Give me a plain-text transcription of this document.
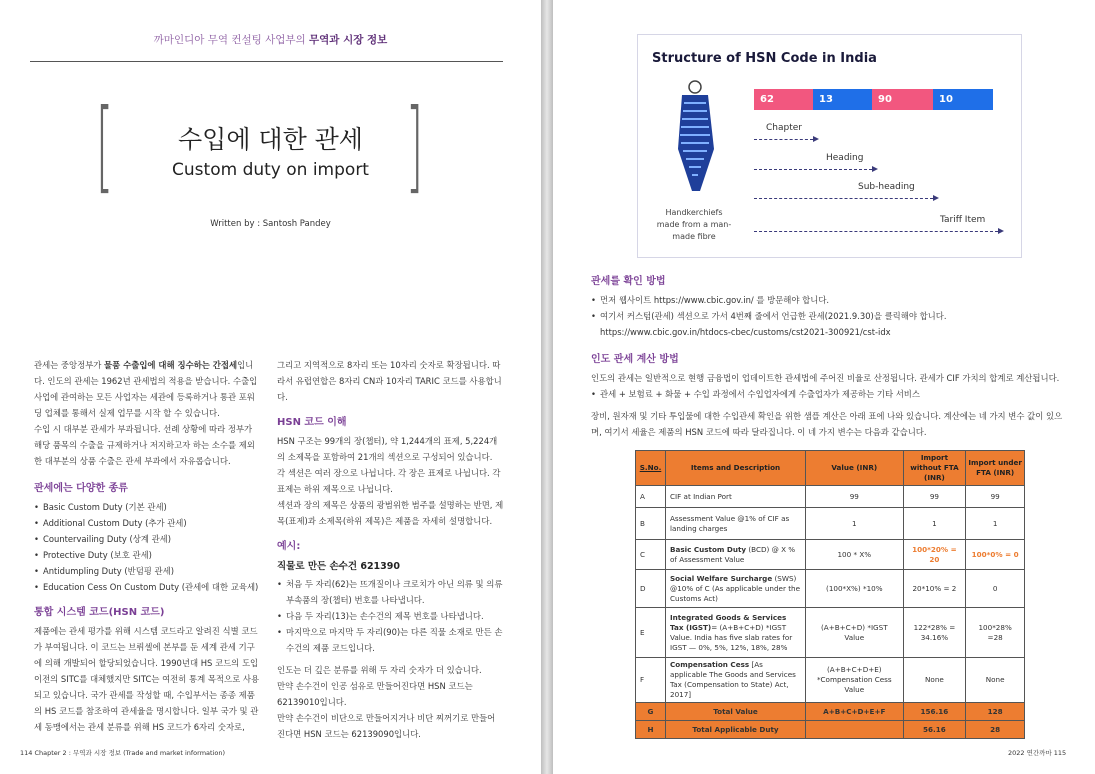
까마인디아 무역 컨설팅 사업부의 무역과 시장 정보
[	]
수입에 대한 관세
Custom duty on import
Written by : Santosh Pandey

관세는 중앙정부가 물품 수출입에 대해 징수하는 간접세입니다. 인도의 관세는 1962년 관세법의 적용을 받습니다. 수출입 사업에 관여하는 모든 사업자는 세관에 등록하거나 통관 포워딩 업체를 통해서 실제 업무를 시작 할 수 있습니다.

수입 시 대부분 관세가 부과됩니다. 선례 상황에 따라 정부가 해당 품목의 수출을 규제하거나 저지하고자 하는 소수를 제외한 대부분의 상품 수출은 관세 부과에서 자유롭습니다.

관세에는 다양한 종류
• Basic Custom Duty (기본 관세)
• Additional Custom Duty (추가 관세)
• Countervailing Duty (상계 관세)
• Protective Duty (보호 관세)
• Antidumpling Duty (반덤핑 관세)
• Education Cess On Custom Duty (관세에 대한 교육세)
통합 시스템 코드(HSN 코드)

제품에는 관세 평가를 위해 시스템 코드라고 알려진 식별 코드가 부여됩니다. 이 코드는 브뤼셀에 본부를 둔 세계 관세 기구에 의해 개발되어 할당되었습니다. 1990년대 HS 코드의 도입 이전의 SITC를 대체했지만 SITC는 여전히 통계 목적으로 사용되고 있습니다. 국가 관세를 작성할 때, 수입부서는 종종 제품의 HS 코드를 참조하여 관세율을 명시합니다. 일부 국가 및 관세 동맹에서는 관세 분류를 위해 HS 코드가 6자리 숫자로,

그리고 지역적으로 8자리 또는 10자리 숫자로 확장됩니다. 따라서 유럽연합은 8자리 CN과 10자리 TARIC 코드를 사용합니다.

HSN 코드 이해

HSN 구조는 99개의 장(챕터), 약 1,244개의 표제, 5,224개의 소제목을 포함하여 21개의 섹션으로 구성되어 있습니다.

각 섹션은 여러 장으로 나뉩니다. 각 장은 표제로 나뉩니다. 각 표제는 하위 제목으로 나뉩니다.

섹션과 장의 제목은 상품의 광범위한 범주를 설명하는 반면, 제목(표제)과 소제목(하위 제목)은 제품을 자세히 설명합니다.

예시:
직물로 만든 손수건 621390
• 처음 두 자리(62)는 뜨개질이나 크로치가 아닌 의류 및 의류 부속품의 장(챕터) 번호를 나타냅니다.
• 다음 두 자리(13)는 손수건의 제목 번호를 나타냅니다.
• 마지막으로 마지막 두 자리(90)는 다른 직물 소재로 만든 손수건의 제품 코드입니다.

인도는 더 깊은 분류를 위해 두 자리 숫자가 더 있습니다.

만약 손수건이 인공 섬유로 만들어진다면 HSN 코드는 62139010입니다.

만약 손수건이 비단으로 만들어지거나 비단 찌꺼기로 만들어 진다면 HSN 코드는 62139090입니다.

114 Chapter 2 : 무역과 시장 정보 (Trade and market information)
Structure of HSN Code in India
62	13	90	10
Chapter
Heading
Sub-heading
Tariff Item
Handkerchiefs made from a man-made fibre
관세를 확인 방법
• 먼저 웹사이트 https://www.cbic.gov.in/ 를 방문해야 합니다.
• 여기서 커스텀(관세) 섹션으로 가서 4번째 줄에서 언급한 관세(2021.9.30)을 클릭해야 합니다. https://www.cbic.gov.in/htdocs-cbec/customs/cst2021-300921/cst-idx
인도 관세 계산 방법

인도의 관세는 일반적으로 현행 금융법이 업데이트한 관세법에 주어진 비율로 산정됩니다. 관세가 CIF 가치의 합계로 계산됩니다.

• 관세 + 보험료 + 화물 + 수입 과정에서 수입업자에게 수출업자가 제공하는 기타 서비스

장비, 원자재 및 기타 투입물에 대한 수입관세 확인을 위한 샘플 계산은 아래 표에 나와 있습니다. 계산에는 네 가지 변수 값이 있으며, 여기서 세율은 제품의 HSN 코드에 따라 달라집니다. 이 네 가지 변수는 다음과 같습니다.

S.No.	Items and Description	Value (INR)	Import without FTA (INR)	Import under FTA (INR)
A	CIF at Indian Port	99	99	99
B	Assessment Value @1% of CIF as landing charges	1	1	1
C	Basic Custom Duty (BCD) @ X % of Assessment Value	100 * X%	100*20% = 20	100*0% = 0
D	Social Welfare Surcharge (SWS) @10% of C (As applicable under the Customs Act)	(100*X%) *10%	20*10% = 2	0
E	Integrated Goods & Services Tax (IGST)= (A+B+C+D) *IGST Value. India has five slab rates for IGST — 0%, 5%, 12%, 18%, 28%	(A+B+C+D) *IGST Value	122*28% = 34.16%	100*28% =28
F	Compensation Cess [As applicable The Goods and Services Tax (Compensation to State) Act, 2017]	(A+B+C+D+E) *Compensation Cess Value	None	None
G	Total Value	A+B+C+D+E+F	156.16	128
H	Total Applicable Duty		56.16	28
2022 연간까마 115
